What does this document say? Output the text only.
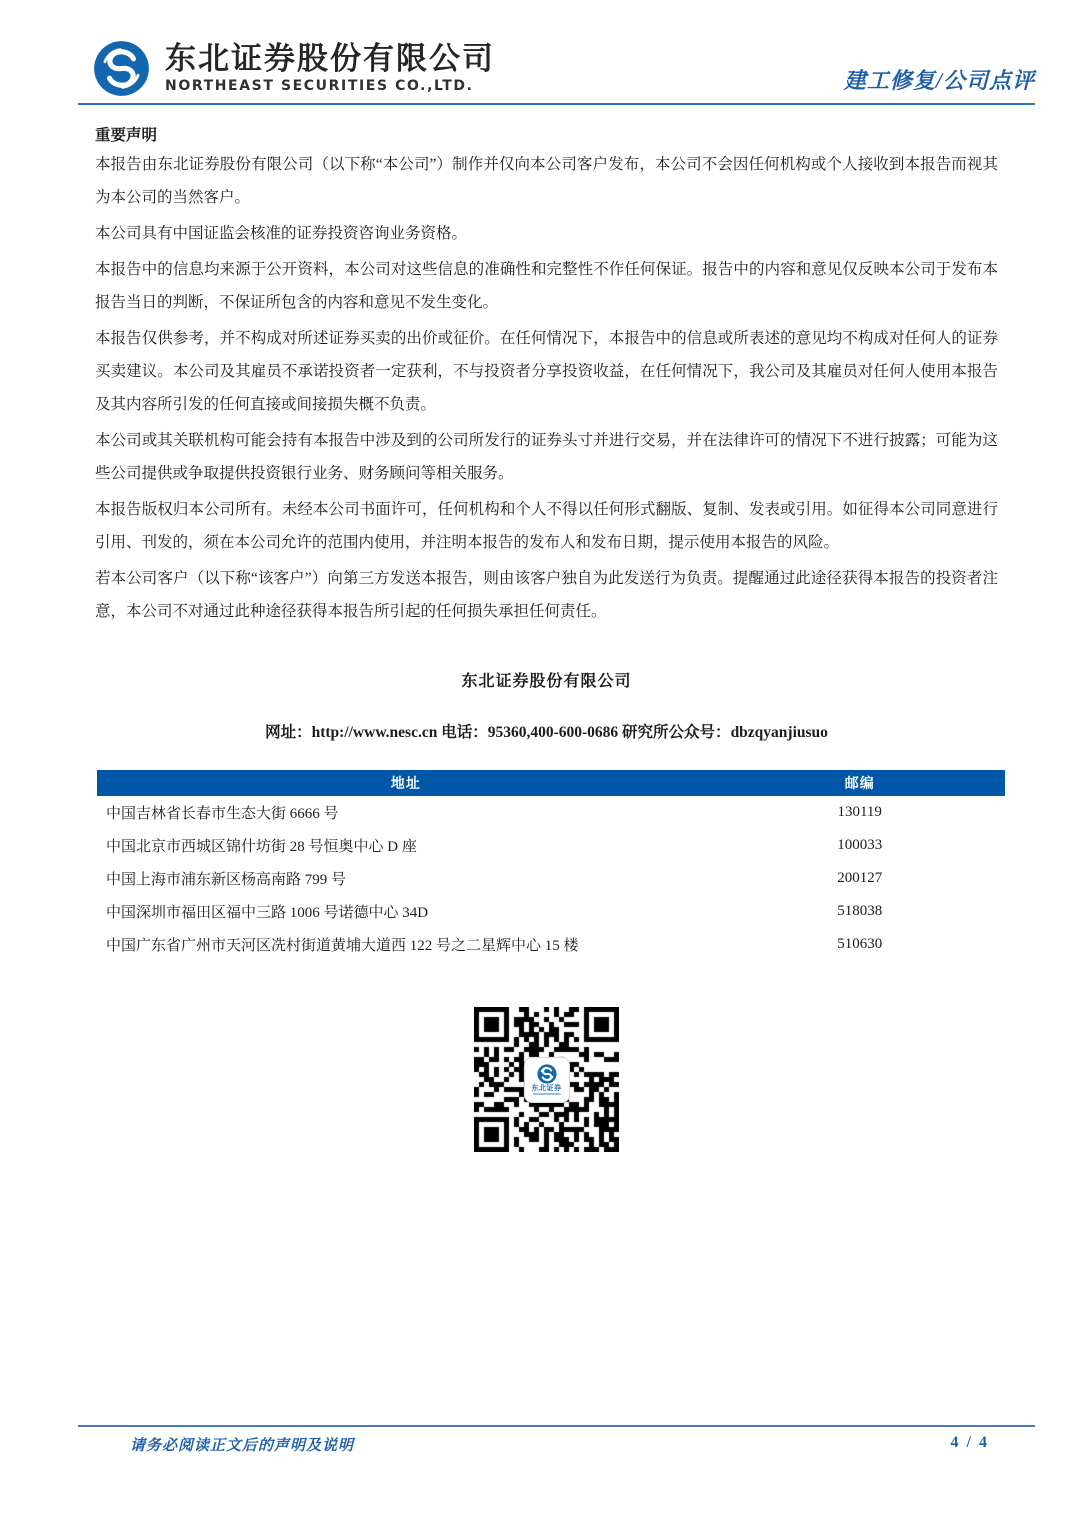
东北证券股份有限公司
NORTHEAST SECURITIES CO.,LTD.	建工修复/公司点评
重要声明

本报告由东北证券股份有限公司（以下称“本公司”）制作并仅向本公司客户发布，本公司不会因任何机构或个人接收到本报告而视其为本公司的当然客户。

本公司具有中国证监会核准的证券投资咨询业务资格。

本报告中的信息均来源于公开资料，本公司对这些信息的准确性和完整性不作任何保证。报告中的内容和意见仅反映本公司于发布本报告当日的判断，不保证所包含的内容和意见不发生变化。

本报告仅供参考，并不构成对所述证券买卖的出价或征价。在任何情况下，本报告中的信息或所表述的意见均不构成对任何人的证券买卖建议。本公司及其雇员不承诺投资者一定获利，不与投资者分享投资收益，在任何情况下，我公司及其雇员对任何人使用本报告及其内容所引发的任何直接或间接损失概不负责。

本公司或其关联机构可能会持有本报告中涉及到的公司所发行的证券头寸并进行交易，并在法律许可的情况下不进行披露；可能为这些公司提供或争取提供投资银行业务、财务顾问等相关服务。

本报告版权归本公司所有。未经本公司书面许可，任何机构和个人不得以任何形式翻版、复制、发表或引用。如征得本公司同意进行引用、刊发的，须在本公司允许的范围内使用，并注明本报告的发布人和发布日期，提示使用本报告的风险。

若本公司客户（以下称“该客户”）向第三方发送本报告，则由该客户独自为此发送行为负责。提醒通过此途径获得本报告的投资者注意，本公司不对通过此种途径获得本报告所引起的任何损失承担任何责任。

东北证券股份有限公司
网址：http://www.nesc.cn 电话：95360,400-600-0686 研究所公众号：dbzqyanjiusuo
地址	邮编
中国吉林省长春市生态大街 6666 号	130119
中国北京市西城区锦什坊街 28 号恒奥中心 D 座	100033
中国上海市浦东新区杨高南路 799 号	200127
中国深圳市福田区福中三路 1006 号诺德中心 34D	518038
中国广东省广州市天河区冼村街道黄埔大道西 122 号之二星辉中心 15 楼	510630
东北证券
请务必阅读正文后的声明及说明	4 / 4
